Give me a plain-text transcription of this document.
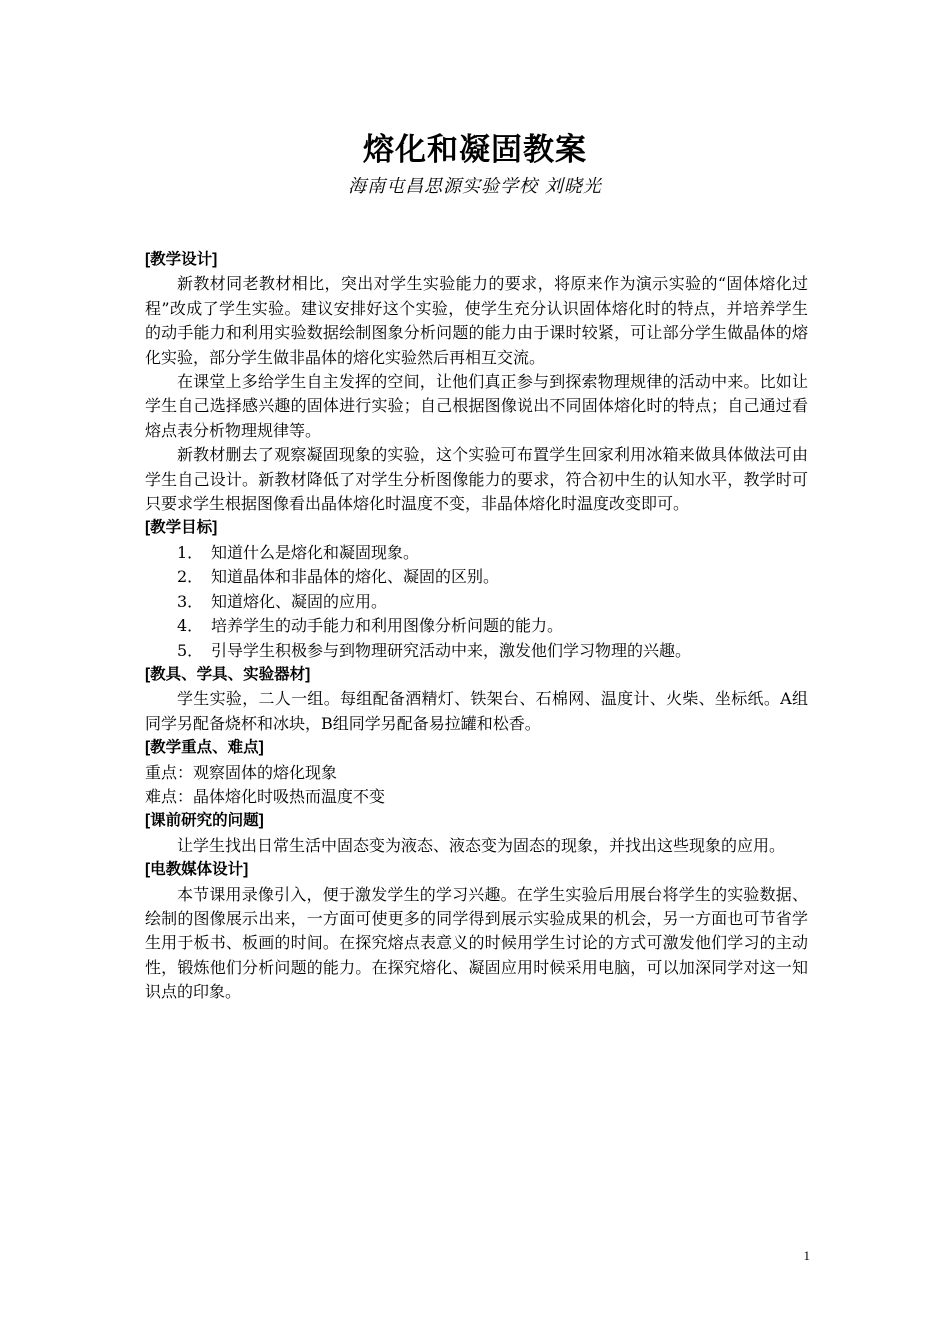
熔化和凝固教案
海南屯昌思源实验学校 刘晓光
[教学设计]

新教材同老教材相比，突出对学生实验能力的要求，将原来作为演示实验的“固体熔化过程”改成了学生实验。建议安排好这个实验，使学生充分认识固体熔化时的特点，并培养学生的动手能力和利用实验数据绘制图象分析问题的能力由于课时较紧，可让部分学生做晶体的熔化实验，部分学生做非晶体的熔化实验然后再相互交流。

在课堂上多给学生自主发挥的空间，让他们真正参与到探索物理规律的活动中来。比如让学生自己选择感兴趣的固体进行实验；自己根据图像说出不同固体熔化时的特点；自己通过看熔点表分析物理规律等。

新教材删去了观察凝固现象的实验，这个实验可布置学生回家利用冰箱来做具体做法可由学生自己设计。新教材降低了对学生分析图像能力的要求，符合初中生的认知水平，教学时可只要求学生根据图像看出晶体熔化时温度不变，非晶体熔化时温度改变即可。

[教学目标]
1． 知道什么是熔化和凝固现象。
2． 知道晶体和非晶体的熔化、凝固的区别。
3． 知道熔化、凝固的应用。
4． 培养学生的动手能力和利用图像分析问题的能力。
5． 引导学生积极参与到物理研究活动中来，激发他们学习物理的兴趣。
[教具、学具、实验器材]

学生实验，二人一组。每组配备酒精灯、铁架台、石棉网、温度计、火柴、坐标纸。A组同学另配备烧杯和冰块，B组同学另配备易拉罐和松香。

[教学重点、难点]

重点：观察固体的熔化现象

难点：晶体熔化时吸热而温度不变

[课前研究的问题]

让学生找出日常生活中固态变为液态、液态变为固态的现象，并找出这些现象的应用。

[电教媒体设计]

本节课用录像引入，便于激发学生的学习兴趣。在学生实验后用展台将学生的实验数据、绘制的图像展示出来，一方面可使更多的同学得到展示实验成果的机会，另一方面也可节省学生用于板书、板画的时间。在探究熔点表意义的时候用学生讨论的方式可激发他们学习的主动性，锻炼他们分析问题的能力。在探究熔化、凝固应用时候采用电脑，可以加深同学对这一知识点的印象。

1
